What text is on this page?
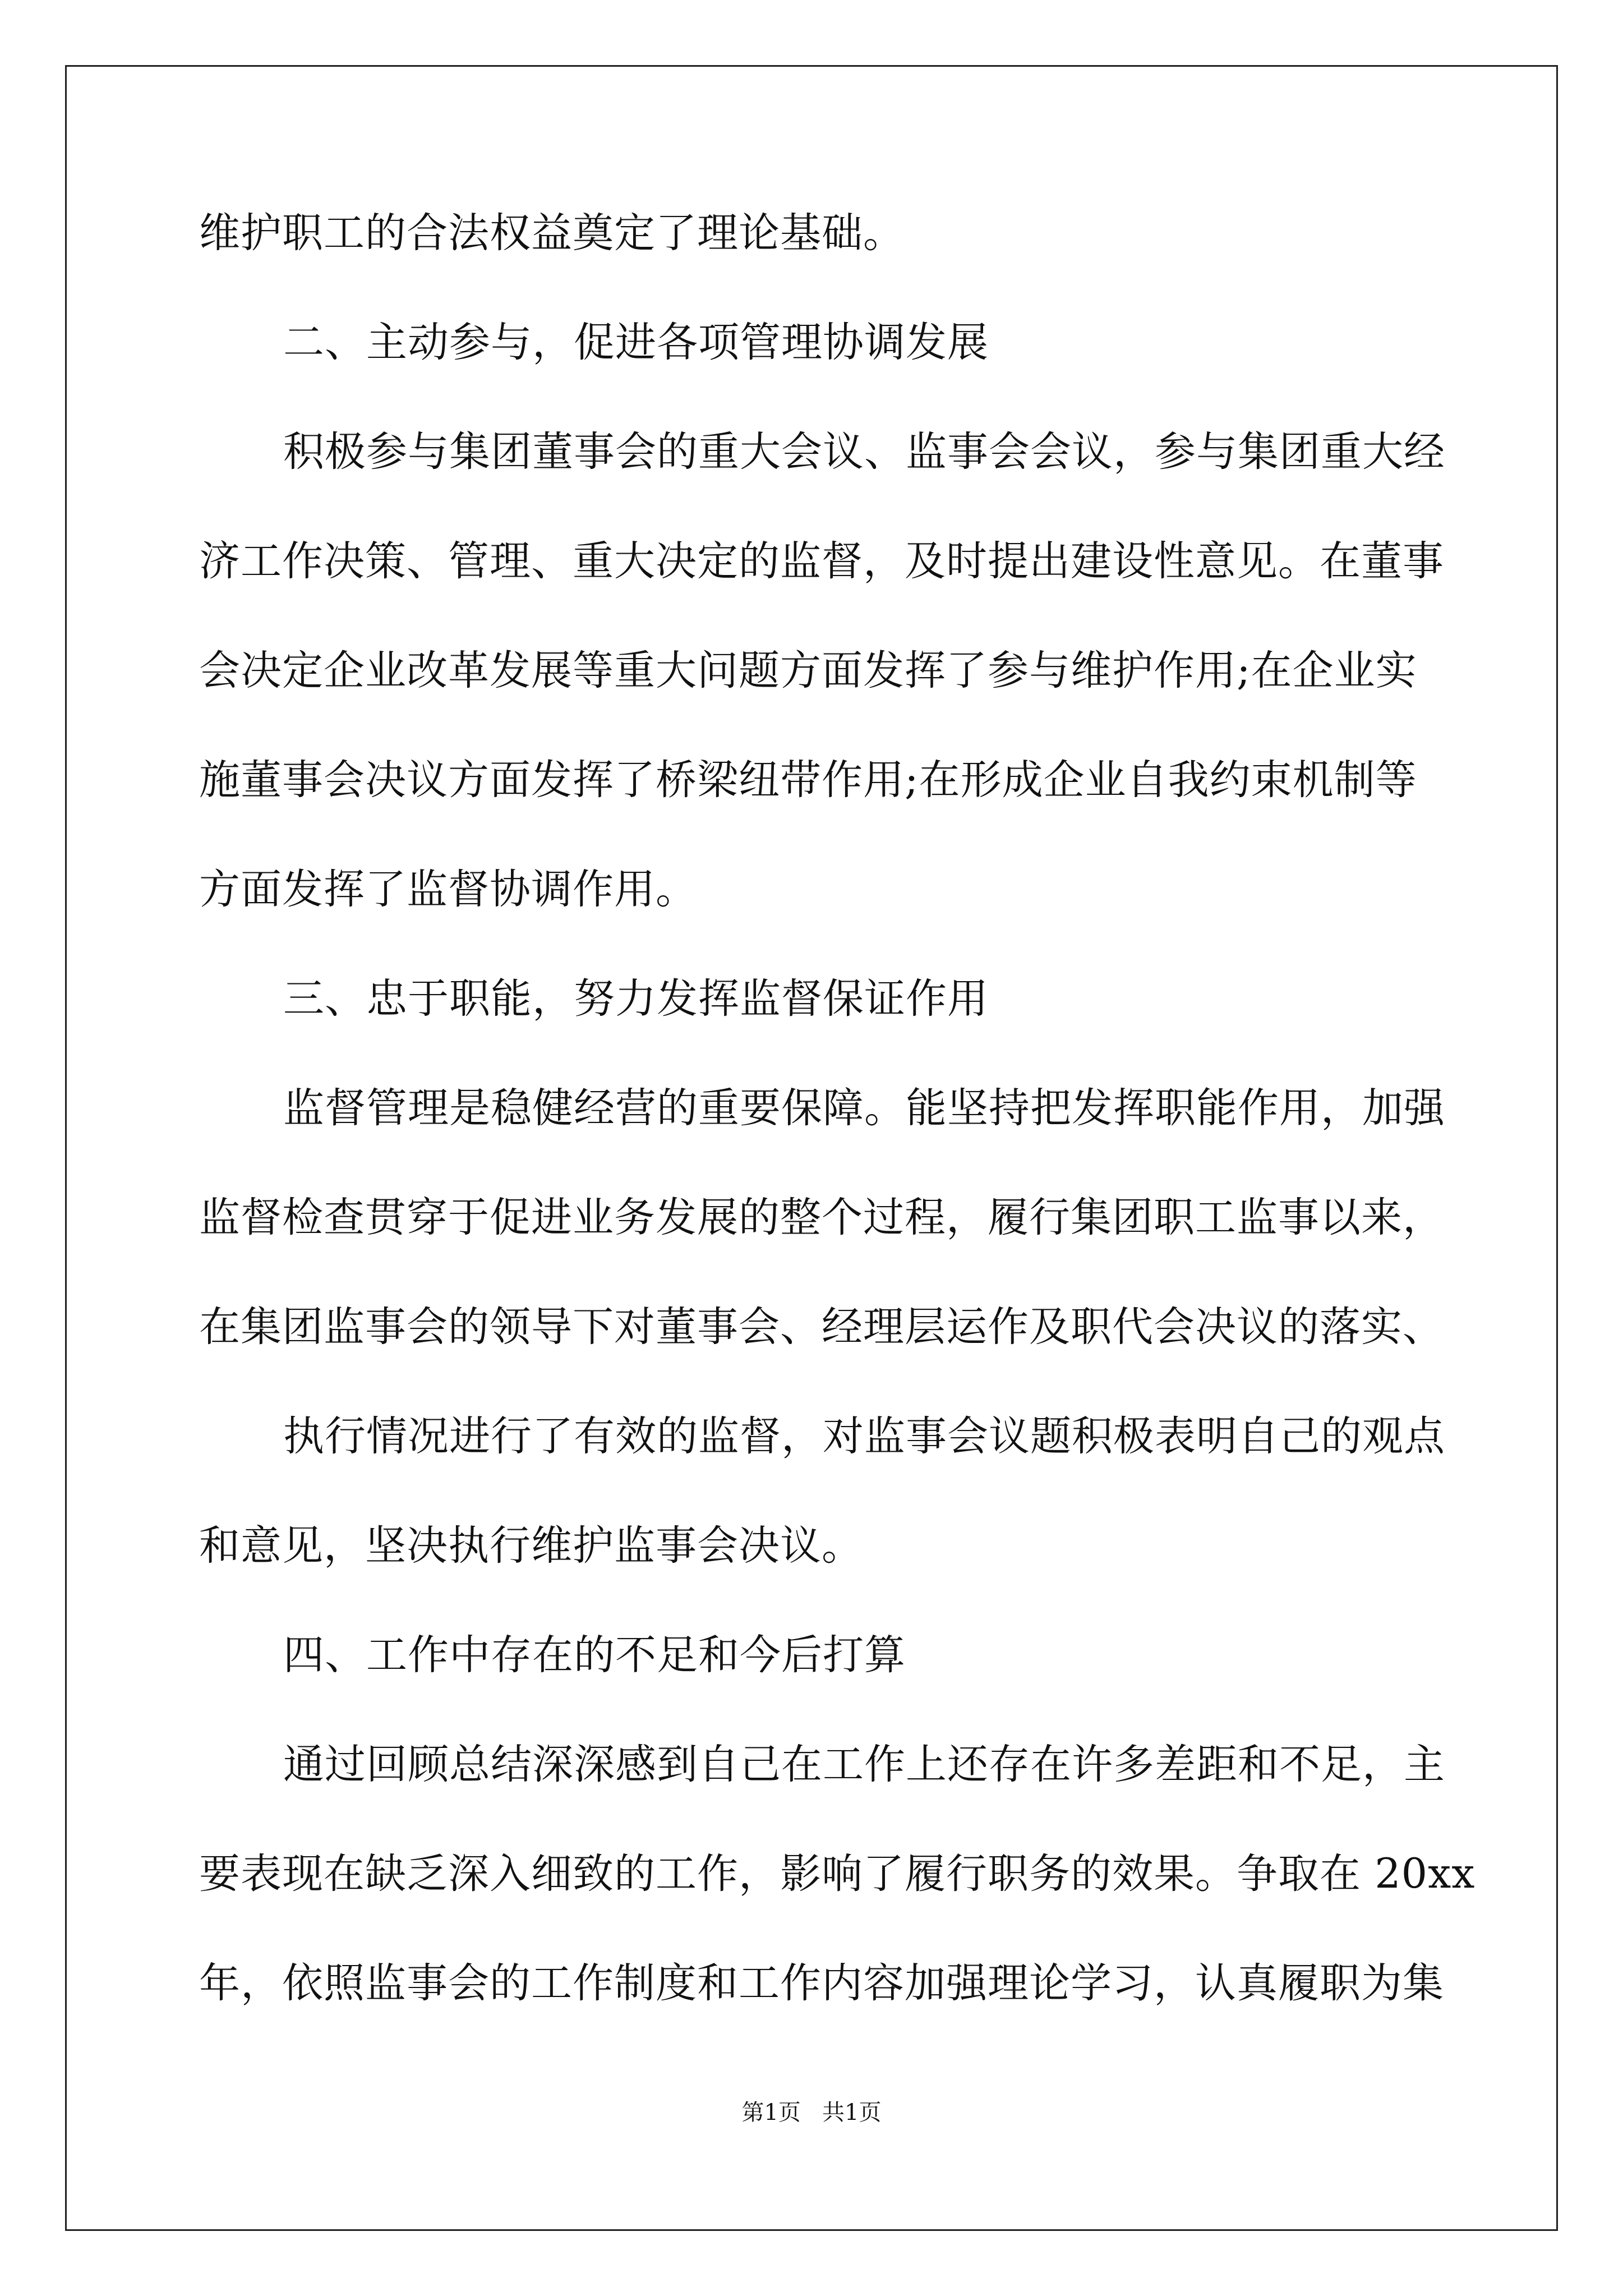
维护职工的合法权益奠定了理论基础。
二、主动参与，促进各项管理协调发展
积极参与集团董事会的重大会议、监事会会议，参与集团重大经
济工作决策、管理、重大决定的监督，及时提出建设性意见。在董事
会决定企业改革发展等重大问题方面发挥了参与维护作用;在企业实
施董事会决议方面发挥了桥梁纽带作用;在形成企业自我约束机制等
方面发挥了监督协调作用。
三、忠于职能，努力发挥监督保证作用
监督管理是稳健经营的重要保障。能坚持把发挥职能作用，加强
监督检查贯穿于促进业务发展的整个过程，履行集团职工监事以来，
在集团监事会的领导下对董事会、经理层运作及职代会决议的落实、
执行情况进行了有效的监督，对监事会议题积极表明自己的观点
和意见，坚决执行维护监事会决议。
四、工作中存在的不足和今后打算
通过回顾总结深深感到自己在工作上还存在许多差距和不足，主
要表现在缺乏深入细致的工作，影响了履行职务的效果。争取在 20xx
年，依照监事会的工作制度和工作内容加强理论学习，认真履职为集
第1页   共1页
